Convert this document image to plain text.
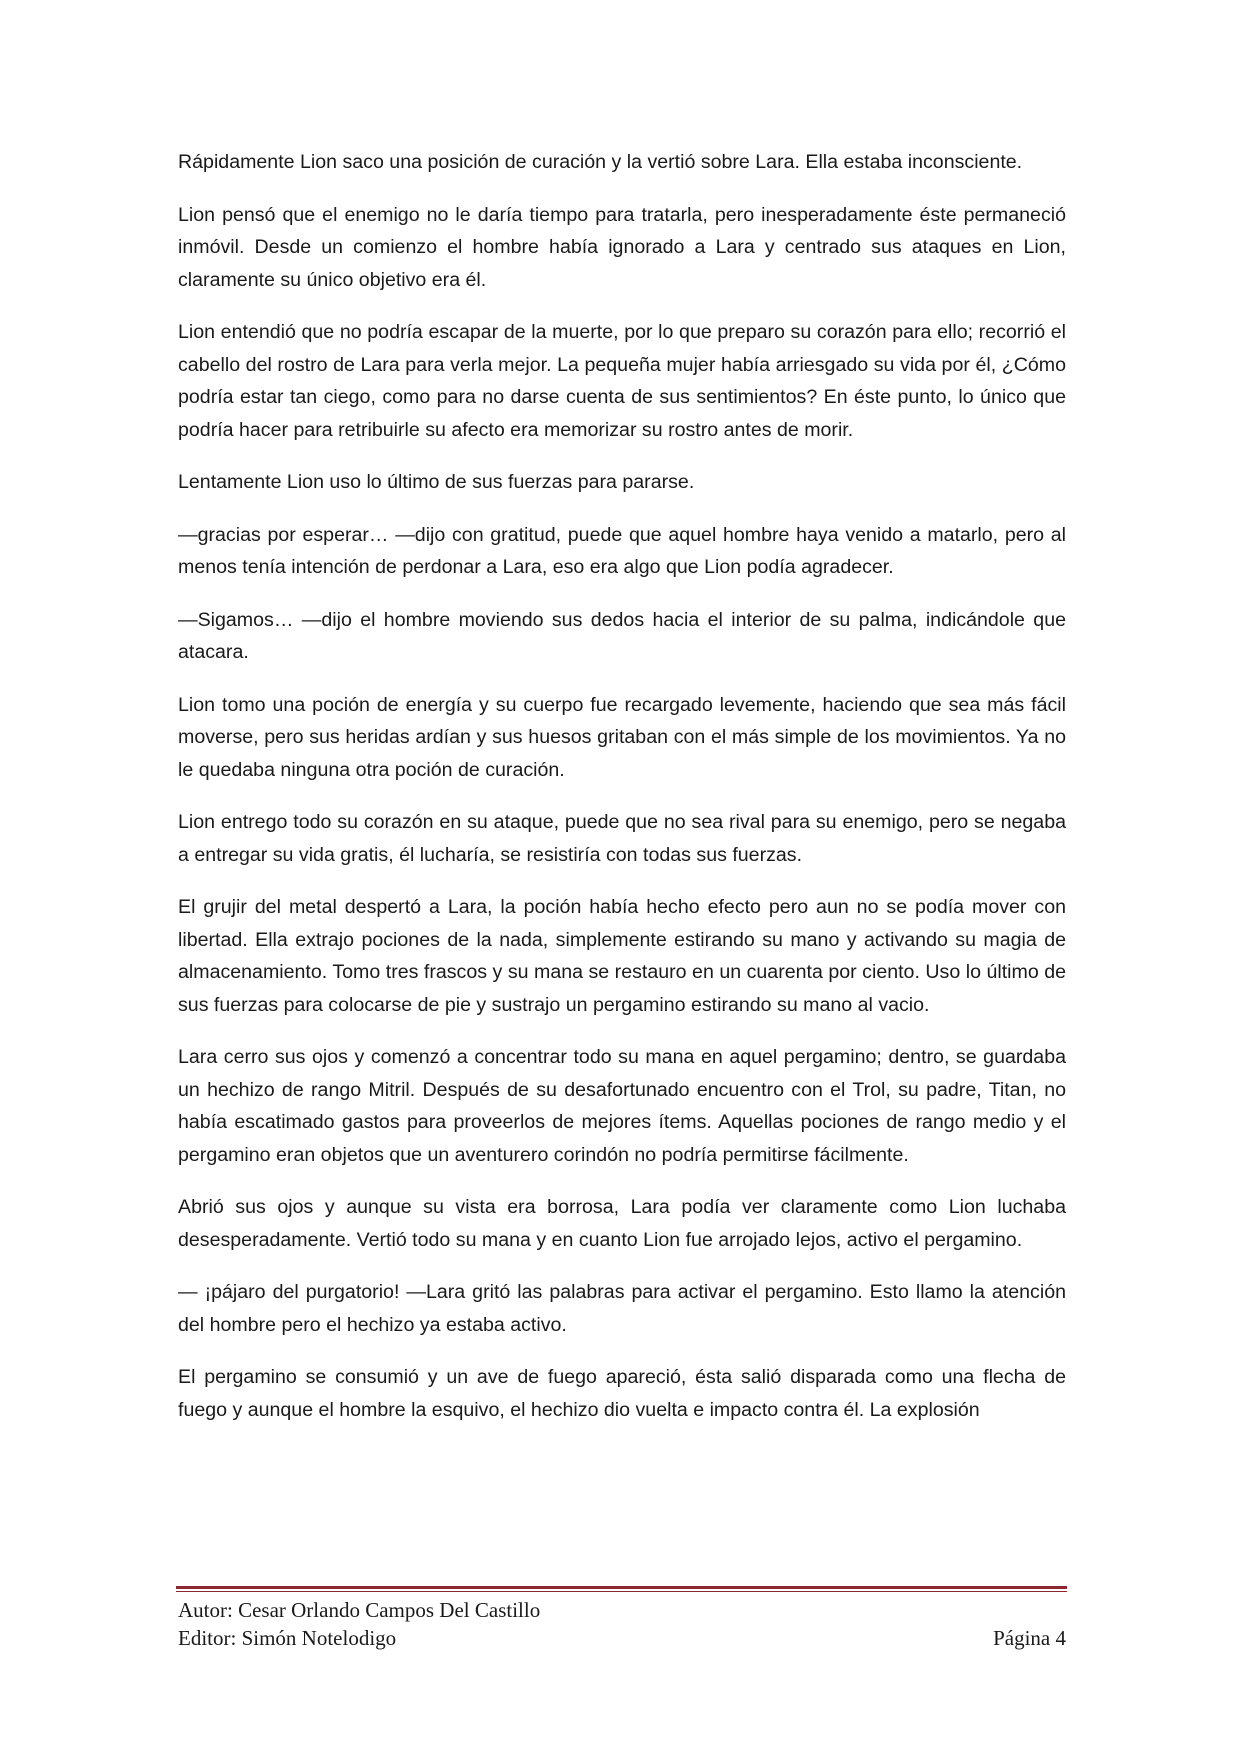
Rápidamente Lion saco una posición de curación y la vertió sobre Lara. Ella estaba inconsciente.

Lion pensó que el enemigo no le daría tiempo para tratarla, pero inesperadamente éste permaneció inmóvil. Desde un comienzo el hombre había ignorado a Lara y centrado sus ataques en Lion, claramente su único objetivo era él.

Lion entendió que no podría escapar de la muerte, por lo que preparo su corazón para ello; recorrió el cabello del rostro de Lara para verla mejor. La pequeña mujer había arriesgado su vida por él, ¿Cómo podría estar tan ciego, como para no darse cuenta de sus sentimientos? En éste punto, lo único que podría hacer para retribuirle su afecto era memorizar su rostro antes de morir.

Lentamente Lion uso lo último de sus fuerzas para pararse.

—gracias por esperar… —dijo con gratitud, puede que aquel hombre haya venido a matarlo, pero al menos tenía intención de perdonar a Lara, eso era algo que Lion podía agradecer.

—Sigamos… —dijo el hombre moviendo sus dedos hacia el interior de su palma, indicándole que atacara.

Lion tomo una poción de energía y su cuerpo fue recargado levemente, haciendo que sea más fácil moverse, pero sus heridas ardían y sus huesos gritaban con el más simple de los movimientos. Ya no le quedaba ninguna otra poción de curación.

Lion entrego todo su corazón en su ataque, puede que no sea rival para su enemigo, pero se negaba a entregar su vida gratis, él lucharía, se resistiría con todas sus fuerzas.

El grujir del metal despertó a Lara, la poción había hecho efecto pero aun no se podía mover con libertad. Ella extrajo pociones de la nada, simplemente estirando su mano y activando su magia de almacenamiento. Tomo tres frascos y su mana se restauro en un cuarenta por ciento. Uso lo último de sus fuerzas para colocarse de pie y sustrajo un pergamino estirando su mano al vacio.

Lara cerro sus ojos y comenzó a concentrar todo su mana en aquel pergamino; dentro, se guardaba un hechizo de rango Mitril. Después de su desafortunado encuentro con el Trol, su padre, Titan, no había escatimado gastos para proveerlos de mejores ítems. Aquellas pociones de rango medio y el pergamino eran objetos que un aventurero corindón no podría permitirse fácilmente.

Abrió sus ojos y aunque su vista era borrosa, Lara podía ver claramente como Lion luchaba desesperadamente. Vertió todo su mana y en cuanto Lion fue arrojado lejos, activo el pergamino.

— ¡pájaro del purgatorio! —Lara gritó las palabras para activar el pergamino. Esto llamo la atención del hombre pero el hechizo ya estaba activo.

El pergamino se consumió y un ave de fuego apareció, ésta salió disparada como una flecha de fuego y aunque el hombre la esquivo, el hechizo dio vuelta e impacto contra él. La explosión

Autor: Cesar Orlando Campos Del Castillo
Editor: Simón Notelodigo	Página 4
